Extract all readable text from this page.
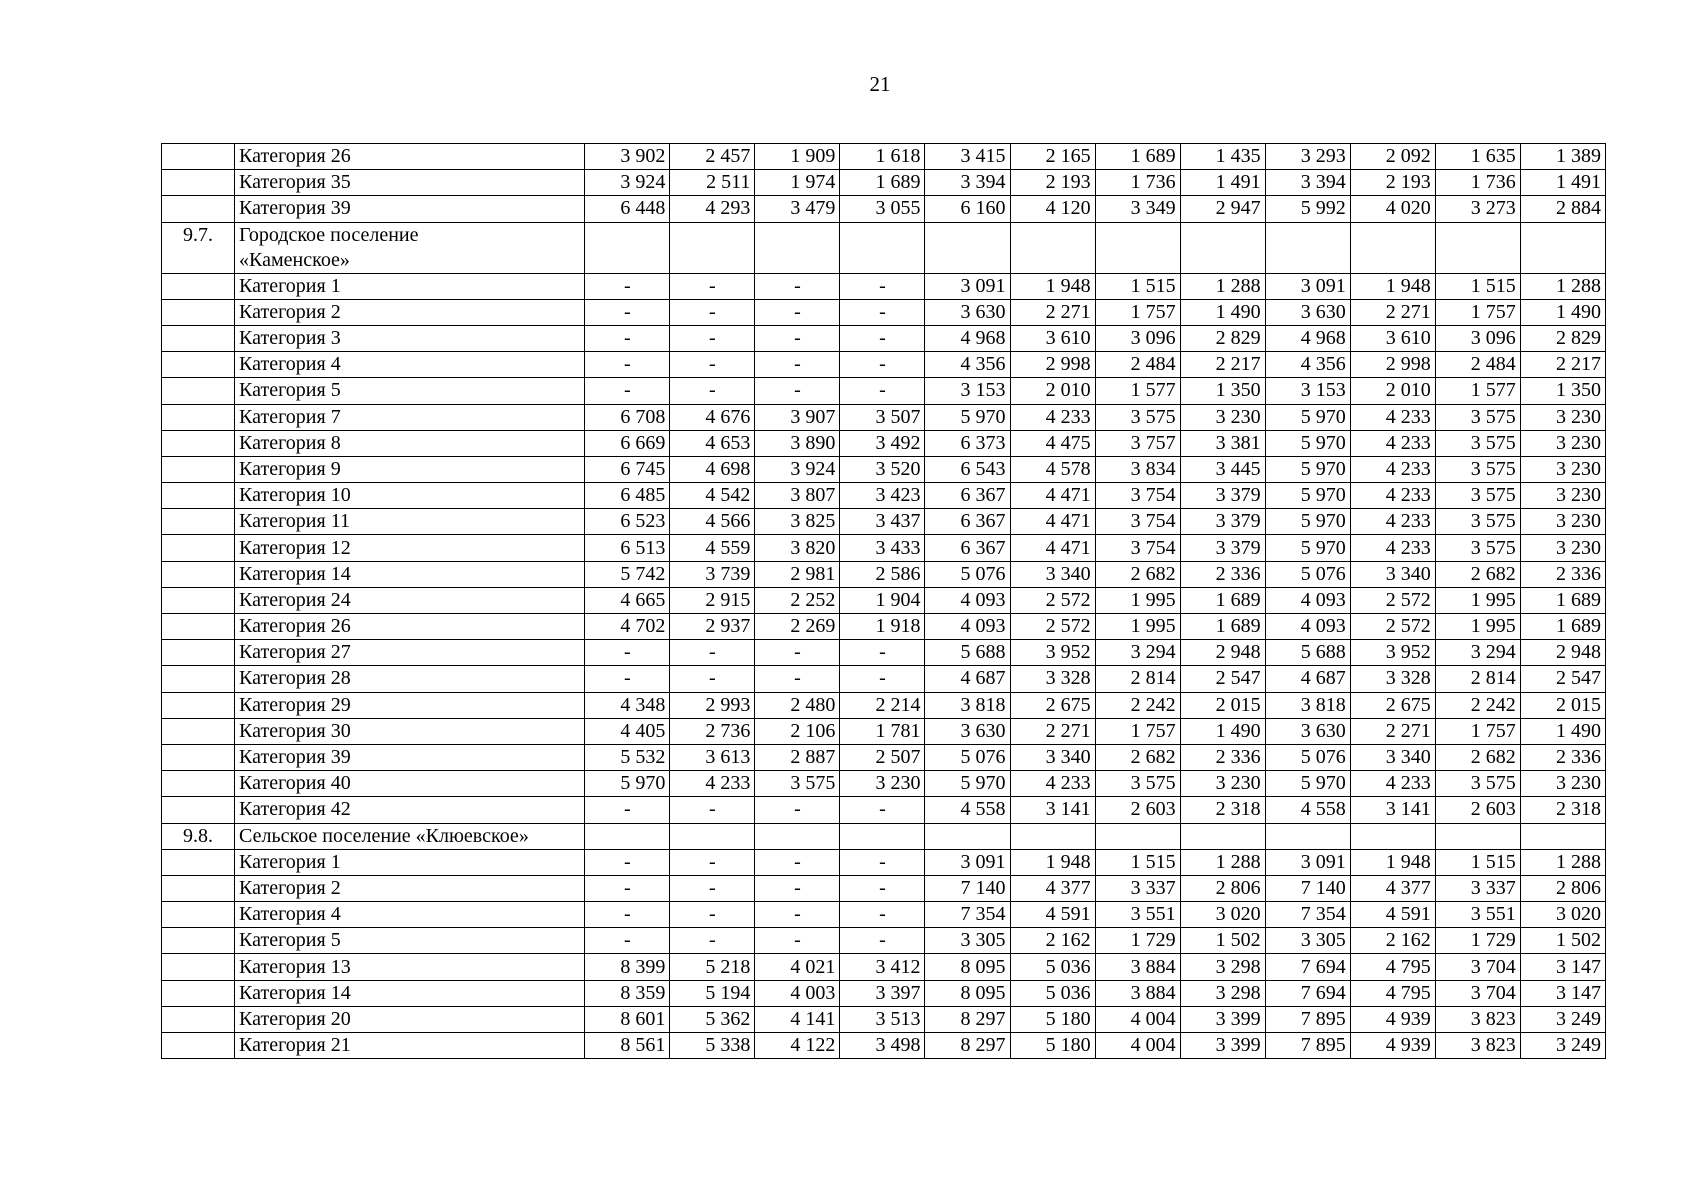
21
	Категория 26	3 902	2 457	1 909	1 618	3 415	2 165	1 689	1 435	3 293	2 092	1 635	1 389
	Категория 35	3 924	2 511	1 974	1 689	3 394	2 193	1 736	1 491	3 394	2 193	1 736	1 491
	Категория 39	6 448	4 293	3 479	3 055	6 160	4 120	3 349	2 947	5 992	4 020	3 273	2 884
9.7.	Городское поселение «Каменское»												
	Категория 1	-	-	-	-	3 091	1 948	1 515	1 288	3 091	1 948	1 515	1 288
	Категория 2	-	-	-	-	3 630	2 271	1 757	1 490	3 630	2 271	1 757	1 490
	Категория 3	-	-	-	-	4 968	3 610	3 096	2 829	4 968	3 610	3 096	2 829
	Категория 4	-	-	-	-	4 356	2 998	2 484	2 217	4 356	2 998	2 484	2 217
	Категория 5	-	-	-	-	3 153	2 010	1 577	1 350	3 153	2 010	1 577	1 350
	Категория 7	6 708	4 676	3 907	3 507	5 970	4 233	3 575	3 230	5 970	4 233	3 575	3 230
	Категория 8	6 669	4 653	3 890	3 492	6 373	4 475	3 757	3 381	5 970	4 233	3 575	3 230
	Категория 9	6 745	4 698	3 924	3 520	6 543	4 578	3 834	3 445	5 970	4 233	3 575	3 230
	Категория 10	6 485	4 542	3 807	3 423	6 367	4 471	3 754	3 379	5 970	4 233	3 575	3 230
	Категория 11	6 523	4 566	3 825	3 437	6 367	4 471	3 754	3 379	5 970	4 233	3 575	3 230
	Категория 12	6 513	4 559	3 820	3 433	6 367	4 471	3 754	3 379	5 970	4 233	3 575	3 230
	Категория 14	5 742	3 739	2 981	2 586	5 076	3 340	2 682	2 336	5 076	3 340	2 682	2 336
	Категория 24	4 665	2 915	2 252	1 904	4 093	2 572	1 995	1 689	4 093	2 572	1 995	1 689
	Категория 26	4 702	2 937	2 269	1 918	4 093	2 572	1 995	1 689	4 093	2 572	1 995	1 689
	Категория 27	-	-	-	-	5 688	3 952	3 294	2 948	5 688	3 952	3 294	2 948
	Категория 28	-	-	-	-	4 687	3 328	2 814	2 547	4 687	3 328	2 814	2 547
	Категория 29	4 348	2 993	2 480	2 214	3 818	2 675	2 242	2 015	3 818	2 675	2 242	2 015
	Категория 30	4 405	2 736	2 106	1 781	3 630	2 271	1 757	1 490	3 630	2 271	1 757	1 490
	Категория 39	5 532	3 613	2 887	2 507	5 076	3 340	2 682	2 336	5 076	3 340	2 682	2 336
	Категория 40	5 970	4 233	3 575	3 230	5 970	4 233	3 575	3 230	5 970	4 233	3 575	3 230
	Категория 42	-	-	-	-	4 558	3 141	2 603	2 318	4 558	3 141	2 603	2 318
9.8.	Сельское поселение «Клюевское»												
	Категория 1	-	-	-	-	3 091	1 948	1 515	1 288	3 091	1 948	1 515	1 288
	Категория 2	-	-	-	-	7 140	4 377	3 337	2 806	7 140	4 377	3 337	2 806
	Категория 4	-	-	-	-	7 354	4 591	3 551	3 020	7 354	4 591	3 551	3 020
	Категория 5	-	-	-	-	3 305	2 162	1 729	1 502	3 305	2 162	1 729	1 502
	Категория 13	8 399	5 218	4 021	3 412	8 095	5 036	3 884	3 298	7 694	4 795	3 704	3 147
	Категория 14	8 359	5 194	4 003	3 397	8 095	5 036	3 884	3 298	7 694	4 795	3 704	3 147
	Категория 20	8 601	5 362	4 141	3 513	8 297	5 180	4 004	3 399	7 895	4 939	3 823	3 249
	Категория 21	8 561	5 338	4 122	3 498	8 297	5 180	4 004	3 399	7 895	4 939	3 823	3 249
